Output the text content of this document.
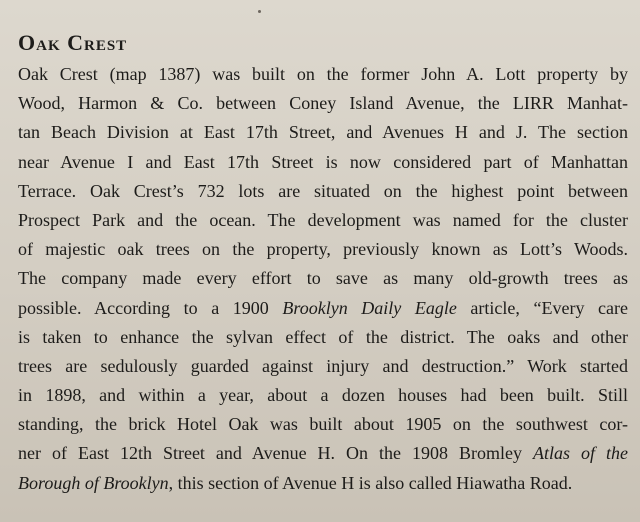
Oak Crest
Oak Crest (map 1387) was built on the former John A. Lott property by
Wood, Harmon & Co. between Coney Island Avenue, the LIRR Manhat-
tan Beach Division at East 17th Street, and Avenues H and J. The section
near Avenue I and East 17th Street is now considered part of Manhattan
Terrace. Oak Crest’s 732 lots are situated on the highest point between
Prospect Park and the ocean. The development was named for the cluster
of majestic oak trees on the property, previously known as Lott’s Woods.
The company made every effort to save as many old-growth trees as
possible. According to a 1900 Brooklyn Daily Eagle article, “Every care
is taken to enhance the sylvan effect of the district. The oaks and other
trees are sedulously guarded against injury and destruction.” Work started
in 1898, and within a year, about a dozen houses had been built. Still
standing, the brick Hotel Oak was built about 1905 on the southwest cor-
ner of East 12th Street and Avenue H. On the 1908 Bromley Atlas of the
Borough of Brooklyn, this section of Avenue H is also called Hiawatha Road.
